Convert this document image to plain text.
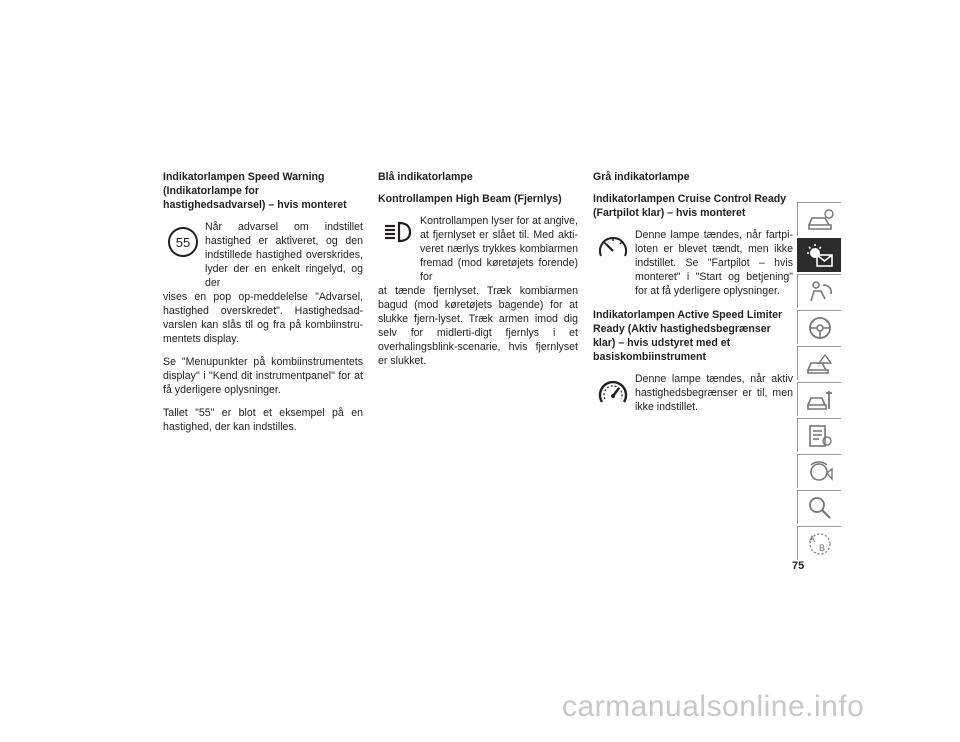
Indikatorlampen Speed Warning (Indikatorlampe for hastighedsadvarsel) – hvis monteret
55
Når advarsel om indstillet hastighed er aktiveret, og den indstillede hastighed overskrides, lyder der en enkelt ringelyd, og der

vises en pop op-meddelelse "Advarsel, hastighed overskredet". Hastighedsad-varslen kan slås til og fra på kombiinstru-mentets display.

Se "Menupunkter på kombiinstrumentets display" i "Kend dit instrumentpanel" for at få yderligere oplysninger.

Tallet "55" er blot et eksempel på en hastighed, der kan indstilles.

Blå indikatorlampe
Kontrollampen High Beam (Fjernlys)
Kontrollampen lyser for at angive, at fjernlyset er slået til. Med akti-veret nærlys trykkes kombiarmen fremad (mod køretøjets forende) for

at tænde fjernlyset. Træk kombiarmen bagud (mod køretøjets bagende) for at slukke fjern-lyset. Træk armen imod dig selv for midlerti-digt fjernlys i et overhalingsblink-scenarie, hvis fjernlyset er slukket.

Grå indikatorlampe
Indikatorlampen Cruise Control Ready (Fartpilot klar) – hvis monteret
Denne lampe tændes, når fartpi-loten er blevet tændt, men ikke indstillet. Se "Fartpilot – hvis monteret" i "Start og betjening" for at få yderligere oplysninger.
Indikatorlampen Active Speed Limiter Ready (Aktiv hastighedsbegrænser klar) – hvis udstyret med et basiskombiinstrument
Denne lampe tændes, når aktiv hastighedsbegrænser er til, men ikke indstillet.
A
B
75
carmanualsonline.info
